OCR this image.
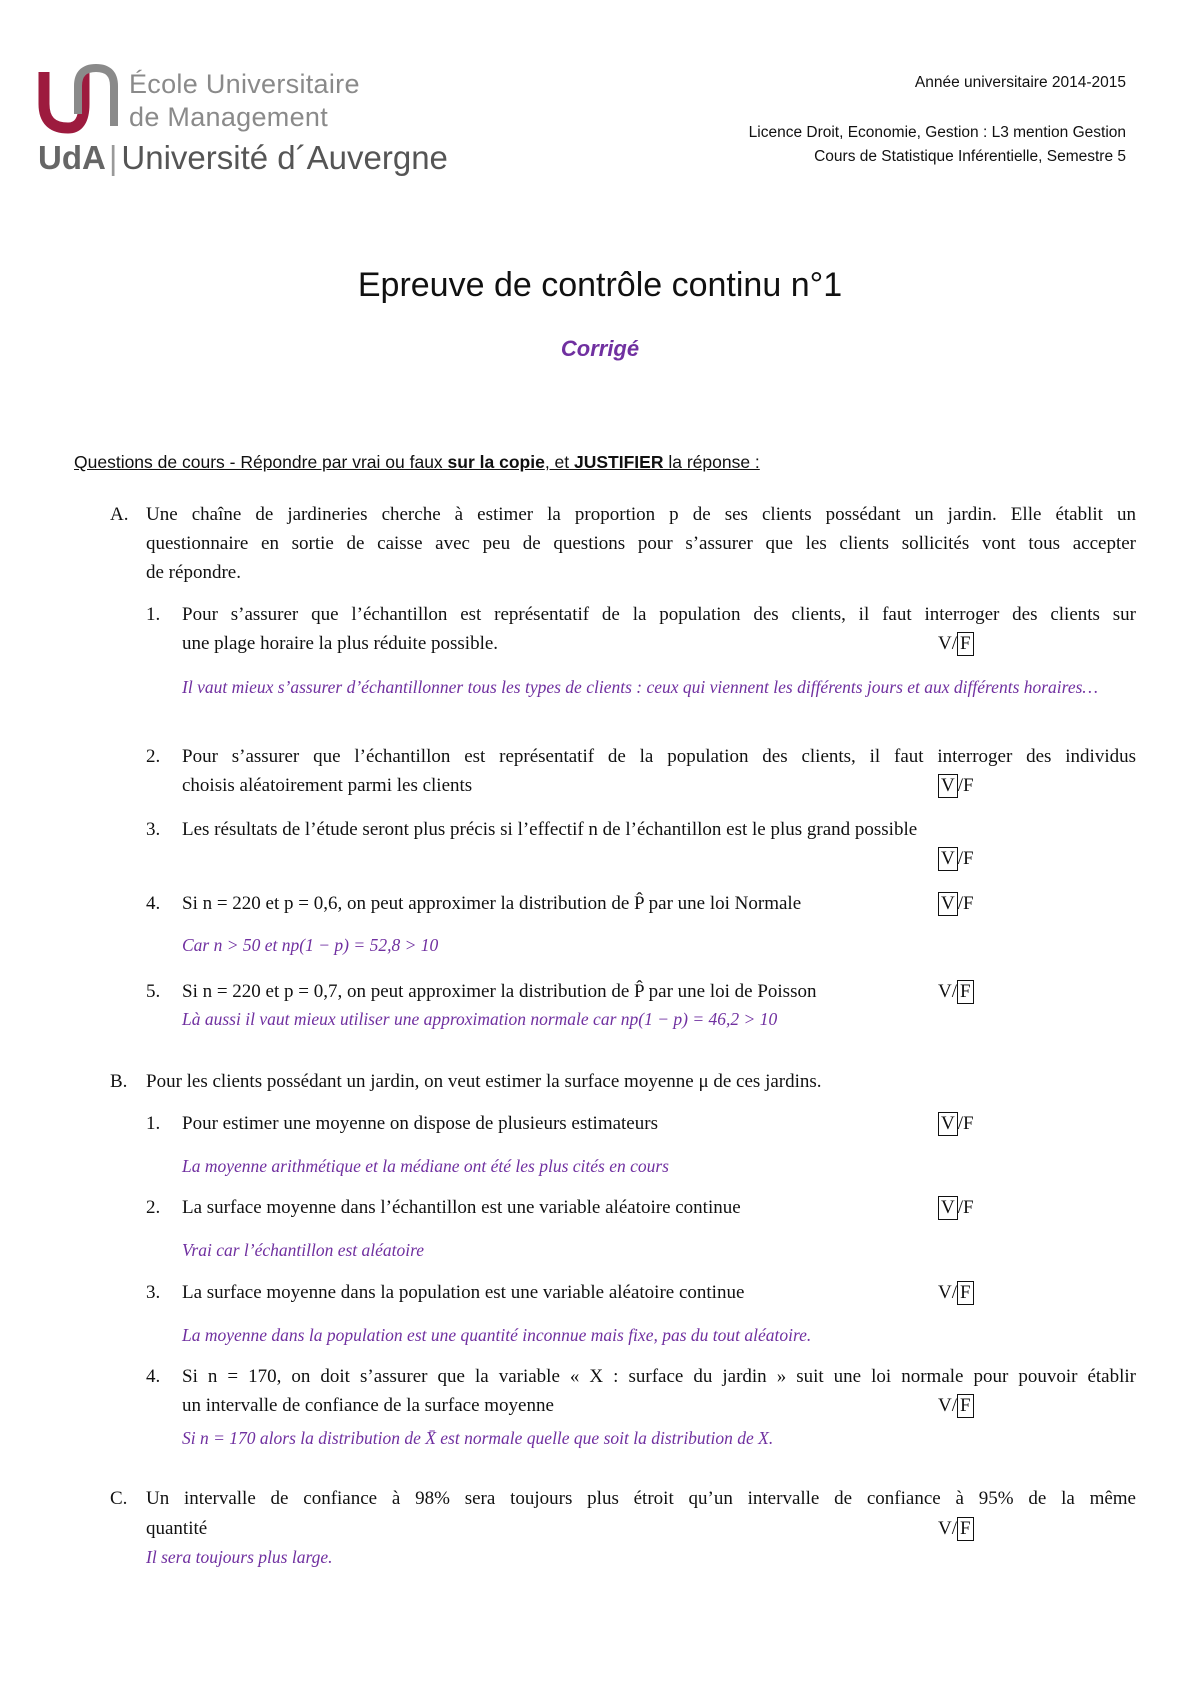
École Universitaire
de Management
UdA| Université d´Auvergne
Année universitaire 2014-2015
Licence Droit, Economie, Gestion : L3 mention Gestion
Cours de Statistique Inférentielle, Semestre 5
Epreuve de contrôle continu n°1
Corrigé
Questions de cours - Répondre par vrai ou faux sur la copie, et JUSTIFIER la réponse :
A. Une chaîne de jardineries cherche à estimer la proportion p de ses clients possédant un jardin. Elle établit un
questionnaire en sortie de caisse avec peu de questions pour s’assurer que les clients sollicités vont tous accepter
de répondre.
1. Pour s’assurer que l’échantillon est représentatif de la population des clients, il faut interroger des clients sur
une plage horaire la plus réduite possible.	V/ F
Il vaut mieux s’assurer d’échantillonner tous les types de clients : ceux qui viennent les différents jours et aux différents horaires…
2. Pour s’assurer que l’échantillon est représentatif de la population des clients, il faut interroger des individus
choisis aléatoirement parmi les clients	V /F
3. Les résultats de l’étude seront plus précis si l’effectif n de l’échantillon est le plus grand possible
V /F
4. Si n = 220 et p = 0,6, on peut approximer la distribution de P̂ par une loi Normale	V /F
Car n > 50 et np(1 − p) = 52,8 > 10
5. Si n = 220 et p = 0,7, on peut approximer la distribution de P̂ par une loi de Poisson	V/ F
Là aussi il vaut mieux utiliser une approximation normale car np(1 − p) = 46,2 > 10
B. Pour les clients possédant un jardin, on veut estimer la surface moyenne μ de ces jardins.
1. Pour estimer une moyenne on dispose de plusieurs estimateurs	V /F
La moyenne arithmétique et la médiane ont été les plus cités en cours
2. La surface moyenne dans l’échantillon est une variable aléatoire continue	V /F
Vrai car l’échantillon est aléatoire
3. La surface moyenne dans la population est une variable aléatoire continue	V/ F
La moyenne dans la population est une quantité inconnue mais fixe, pas du tout aléatoire.
4. Si n = 170, on doit s’assurer que la variable « X : surface du jardin » suit une loi normale pour pouvoir établir
un intervalle de confiance de la surface moyenne	V/ F
Si n = 170 alors la distribution de X̄ est normale quelle que soit la distribution de X.
C. Un intervalle de confiance à 98% sera toujours plus étroit qu’un intervalle de confiance à 95% de la même
quantité	V/ F
Il sera toujours plus large.
